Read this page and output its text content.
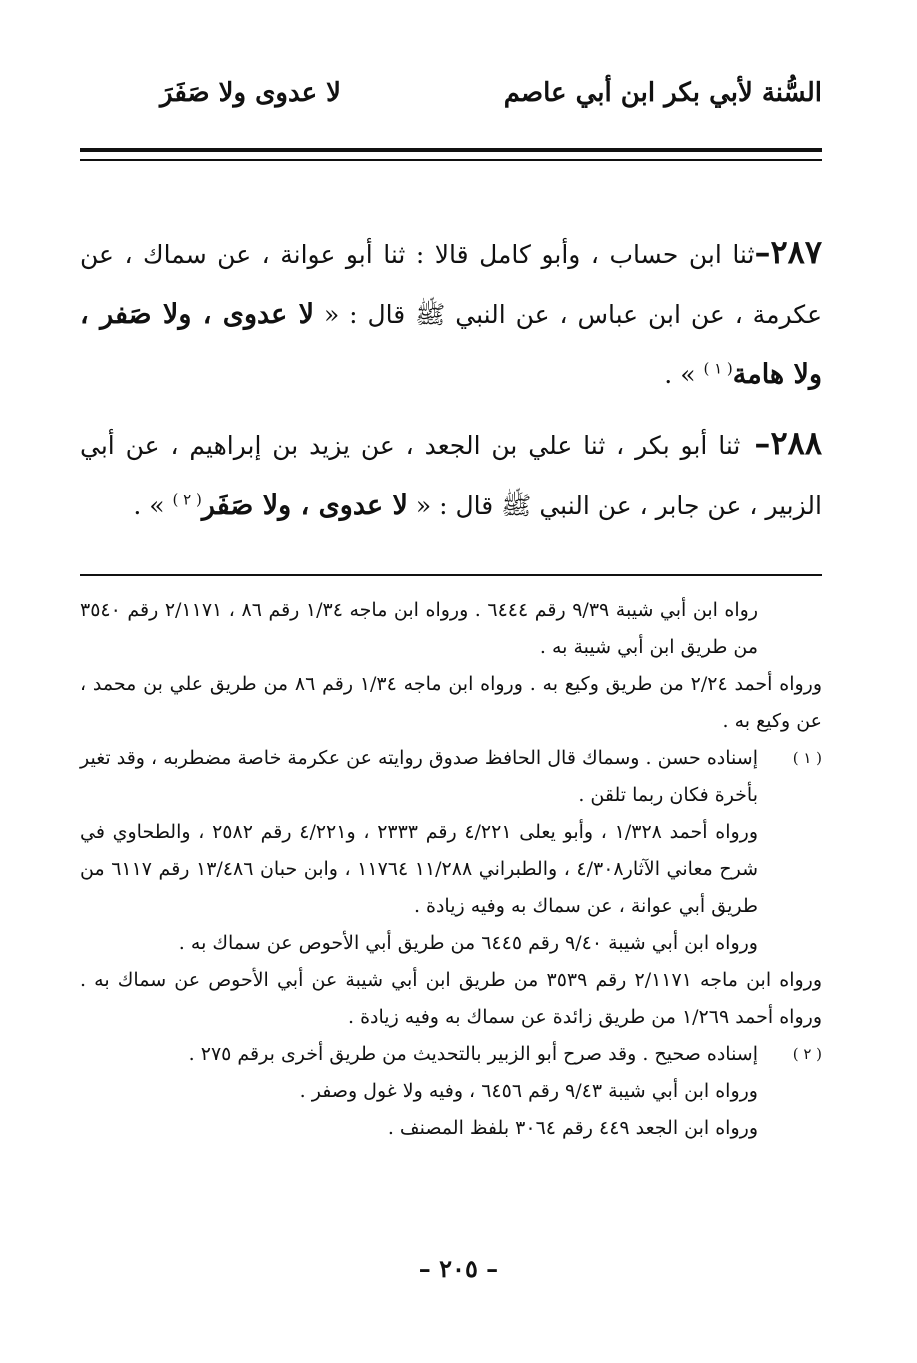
السُّنة لأبي بكر ابن أبي عاصم
لا عدوى ولا صَفَرَ

٢٨٧–ثنا ابن حساب ، وأبو كامل قالا : ثنا أبو عوانة ، عن سماك ، عن عكرمة ، عن ابن عباس ، عن النبي ﷺ قال : « لا عدوى ، ولا صَفر ، ولا هامة$^{( ١ )}$ » .

٢٨٨– ثنا أبو بكر ، ثنا علي بن الجعد ، عن يزيد بن إبراهيم ، عن أبي الزبير ، عن جابر ، عن النبي ﷺ قال : « لا عدوى ، ولا صَفَر$^{( ٢ )}$ » .

رواه ابن أبي شيبة ٩/٣٩ رقم ٦٤٤٤ . ورواه ابن ماجه ١/٣٤ رقم ٨٦ ، ٢/١١٧١ رقم ٣٥٤٠ من طريق ابن أبي شيبة به .

ورواه أحمد ٢/٢٤ من طريق وكيع به . ورواه ابن ماجه ١/٣٤ رقم ٨٦ من طريق علي بن محمد ، عن وكيع به .

( ١ )

إسناده حسن . وسماك قال الحافظ صدوق روايته عن عكرمة خاصة مضطربه ، وقد تغير بأخرة فكان ربما تلقن .

ورواه أحمد ١/٣٢٨ ، وأبو يعلى ٤/٢٢١ رقم ٢٣٣٣ ، و٤/٢٢١ رقم ٢٥٨٢ ، والطحاوي في شرح معاني الآثار٤/٣٠٨ ، والطبراني ١١/٢٨٨ ١١٧٦٤ ، وابن حبان ١٣/٤٨٦ رقم ٦١١٧ من طريق أبي عوانة ، عن سماك به وفيه زيادة .

ورواه ابن أبي شيبة ٩/٤٠ رقم ٦٤٤٥ من طريق أبي الأحوص عن سماك به .

ورواه ابن ماجه ٢/١١٧١ رقم ٣٥٣٩ من طريق ابن أبي شيبة عن أبي الأحوص عن سماك به . ورواه أحمد ١/٢٦٩ من طريق زائدة عن سماك به وفيه زيادة .

( ٢ )

إسناده صحيح . وقد صرح أبو الزبير بالتحديث من طريق أخرى برقم ٢٧٥ .

ورواه ابن أبي شيبة ٩/٤٣ رقم ٦٤٥٦ ، وفيه ولا غول وصفر .

ورواه ابن الجعد ٤٤٩ رقم ٣٠٦٤ بلفظ المصنف .

– ٢٠٥ –
